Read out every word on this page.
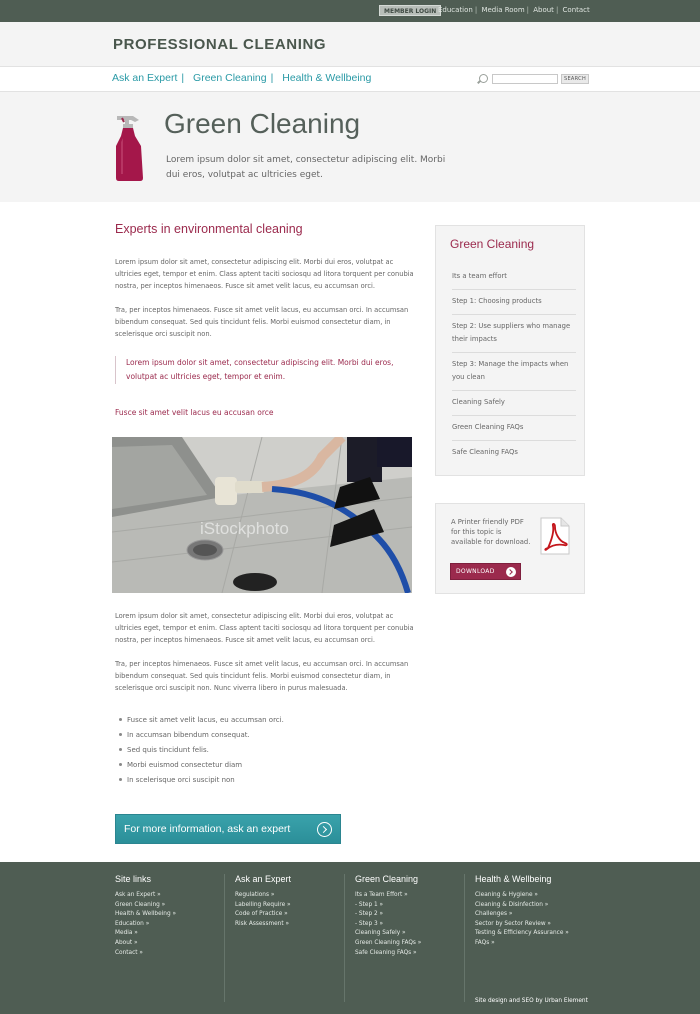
MEMBER LOGIN Education | Media Room | About | Contact
PROFESSIONAL CLEANING
Ask an Expert | Green Cleaning | Health & Wellbeing	SEARCH
Green Cleaning
Lorem ipsum dolor sit amet, consectetur adipiscing elit. Morbi dui eros, volutpat ac ultricies eget.
Experts in environmental cleaning

Lorem ipsum dolor sit amet, consectetur adipiscing elit. Morbi dui eros, volutpat ac ultricies eget, tempor et enim. Class aptent taciti sociosqu ad litora torquent per conubia nostra, per inceptos himenaeos. Fusce sit amet velit lacus, eu accumsan orci.

Tra, per inceptos himenaeos. Fusce sit amet velit lacus, eu accumsan orci. In accumsan bibendum consequat. Sed quis tincidunt felis. Morbi euismod consectetur diam, in scelerisque orci suscipit non.

Lorem ipsum dolor sit amet, consectetur adipiscing elit. Morbi dui eros, volutpat ac ultricies eget, tempor et enim.
Fusce sit amet velit lacus eu accusan orce
iStockphoto

Lorem ipsum dolor sit amet, consectetur adipiscing elit. Morbi dui eros, volutpat ac ultricies eget, tempor et enim. Class aptent taciti sociosqu ad litora torquent per conubia nostra, per inceptos himenaeos. Fusce sit amet velit lacus, eu accumsan orci.

Tra, per inceptos himenaeos. Fusce sit amet velit lacus, eu accumsan orci. In accumsan bibendum consequat. Sed quis tincidunt felis. Morbi euismod consectetur diam, in scelerisque orci suscipit non. Nunc viverra libero in purus malesuada.

Fusce sit amet velit lacus, eu accumsan orci.
In accumsan bibendum consequat.
Sed quis tincidunt felis.
Morbi euismod consectetur diam
In scelerisque orci suscipit non
For more information, ask an expert
Green Cleaning
Its a team effort
Step 1: Choosing products
Step 2: Use suppliers who manage their impacts
Step 3: Manage the impacts when you clean
Cleaning Safely
Green Cleaning FAQs
Safe Cleaning FAQs
A Printer friendly PDF for this topic is available for download.
DOWNLOAD
Site links
Ask an Expert »
Green Cleaning »
Health & Wellbeing »
Education »
Media »
About »
Contact »
Ask an Expert
Regulations »
Labelling Require »
Code of Practice »
Risk Assessment »
Green Cleaning
Its a Team Effort »
- Step 1 »
- Step 2 »
- Step 3 »
Cleaning Safely »
Green Cleaning FAQs »
Safe Cleaning FAQs »
Health & Wellbeing
Cleaning & Hygiene »
Cleaning & Disinfection »
Challenges »
Sector by Sector Review »
Testing & Efficiency Assurance »
FAQs »
Site design and SEO by Urban Element
